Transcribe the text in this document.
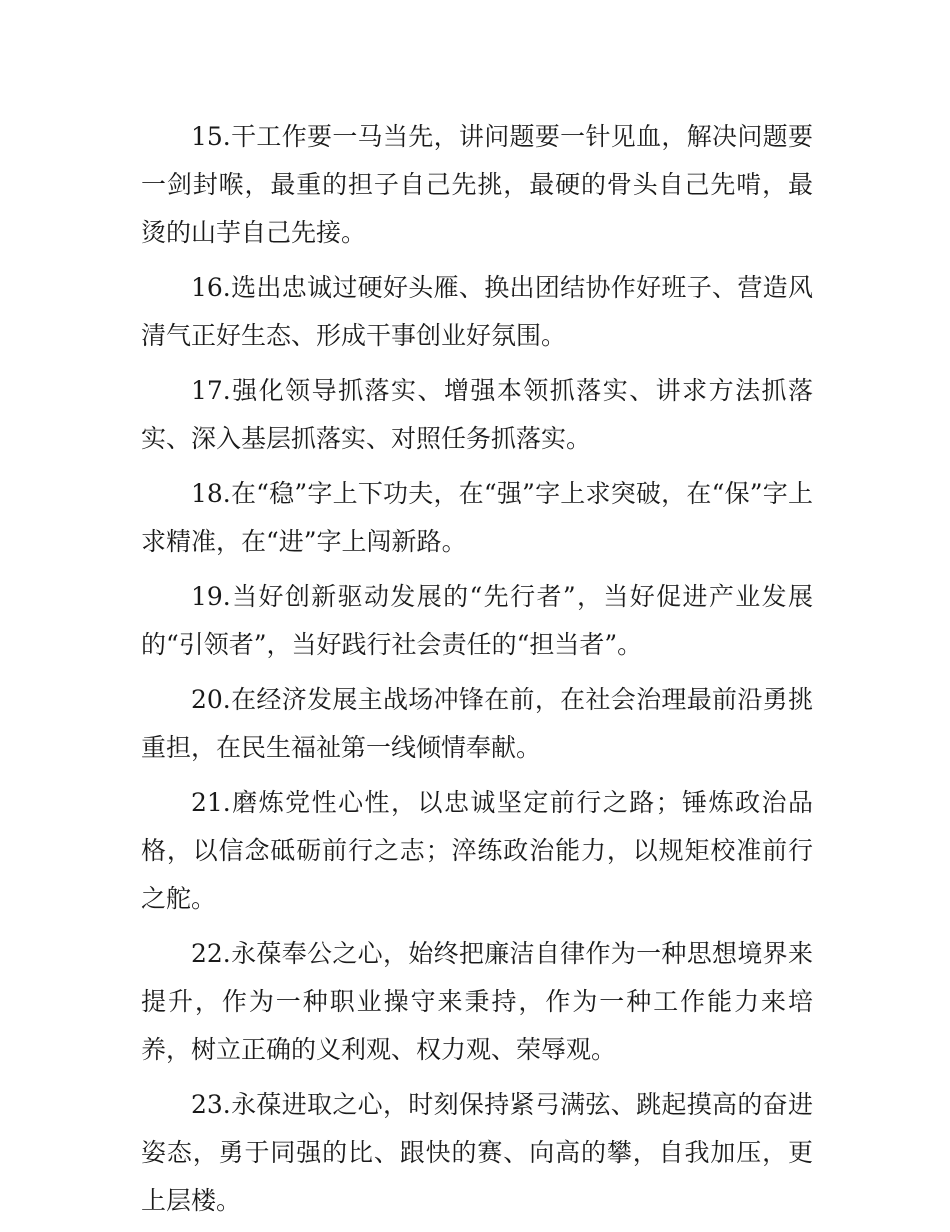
15.干工作要一马当先，讲问题要一针见血，解决问题要一剑封喉，最重的担子自己先挑，最硬的骨头自己先啃，最烫的山芋自己先接。

16.选出忠诚过硬好头雁、换出团结协作好班子、营造风清气正好生态、形成干事创业好氛围。

17.强化领导抓落实、增强本领抓落实、讲求方法抓落实、深入基层抓落实、对照任务抓落实。

18.在“稳”字上下功夫，在“强”字上求突破，在“保”字上求精准，在“进”字上闯新路。

19.当好创新驱动发展的“先行者”，当好促进产业发展的“引领者”，当好践行社会责任的“担当者”。

20.在经济发展主战场冲锋在前，在社会治理最前沿勇挑重担，在民生福祉第一线倾情奉献。

21.磨炼党性心性，以忠诚坚定前行之路；锤炼政治品格，以信念砥砺前行之志；淬练政治能力，以规矩校准前行之舵。

22.永葆奉公之心，始终把廉洁自律作为一种思想境界来提升，作为一种职业操守来秉持，作为一种工作能力来培养，树立正确的义利观、权力观、荣辱观。

23.永葆进取之心，时刻保持紧弓满弦、跳起摸高的奋进姿态，勇于同强的比、跟快的赛、向高的攀，自我加压，更上层楼。
